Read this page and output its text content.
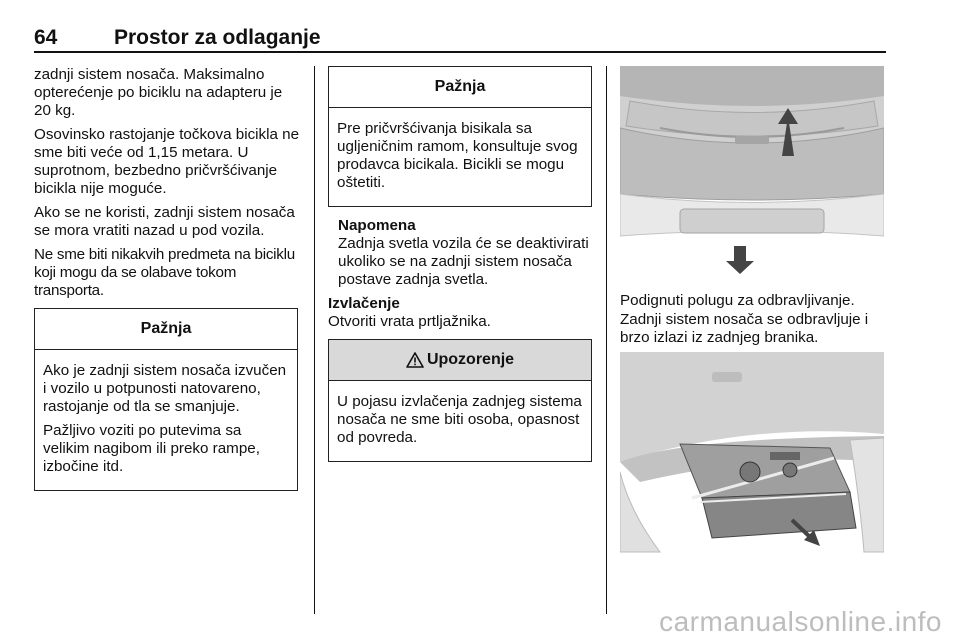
64	Prostor za odlaganje

zadnji sistem nosača. Maksimalno opterećenje po biciklu na adapteru je 20 kg.

Osovinsko rastojanje točkova bicikla ne sme biti veće od 1,15 metara. U suprotnom, bezbedno pričvršćivanje bicikla nije moguće.

Ako se ne koristi, zadnji sistem nosača se mora vratiti nazad u pod vozila.

Ne sme biti nikakvih predmeta na biciklu koji mogu da se olabave tokom transporta.

Pažnja

Ako je zadnji sistem nosača izvučen i vozilo u potpunosti natovareno, rastojanje od tla se smanjuje.

Pažljivo voziti po putevima sa velikim nagibom ili preko rampe, izbočine itd.

Pažnja

Pre pričvršćivanja bisikala sa ugljeničnim ramom, konsultuje svog prodavca bicikala. Bicikli se mogu oštetiti.

Napomena
Zadnja svetla vozila će se deaktivirati ukoliko se na zadnji sistem nosača postave zadnja svetla.
Izvlačenje

Otvoriti vrata prtljažnika.

Upozorenje

U pojasu izvlačenja zadnjeg sistema nosača ne sme biti osoba, opasnost od povreda.

Podignuti polugu za odbravljivanje. Zadnji sistem nosača se odbravljuje i brzo izlazi iz zadnjeg branika.
carmanualsonline.info
